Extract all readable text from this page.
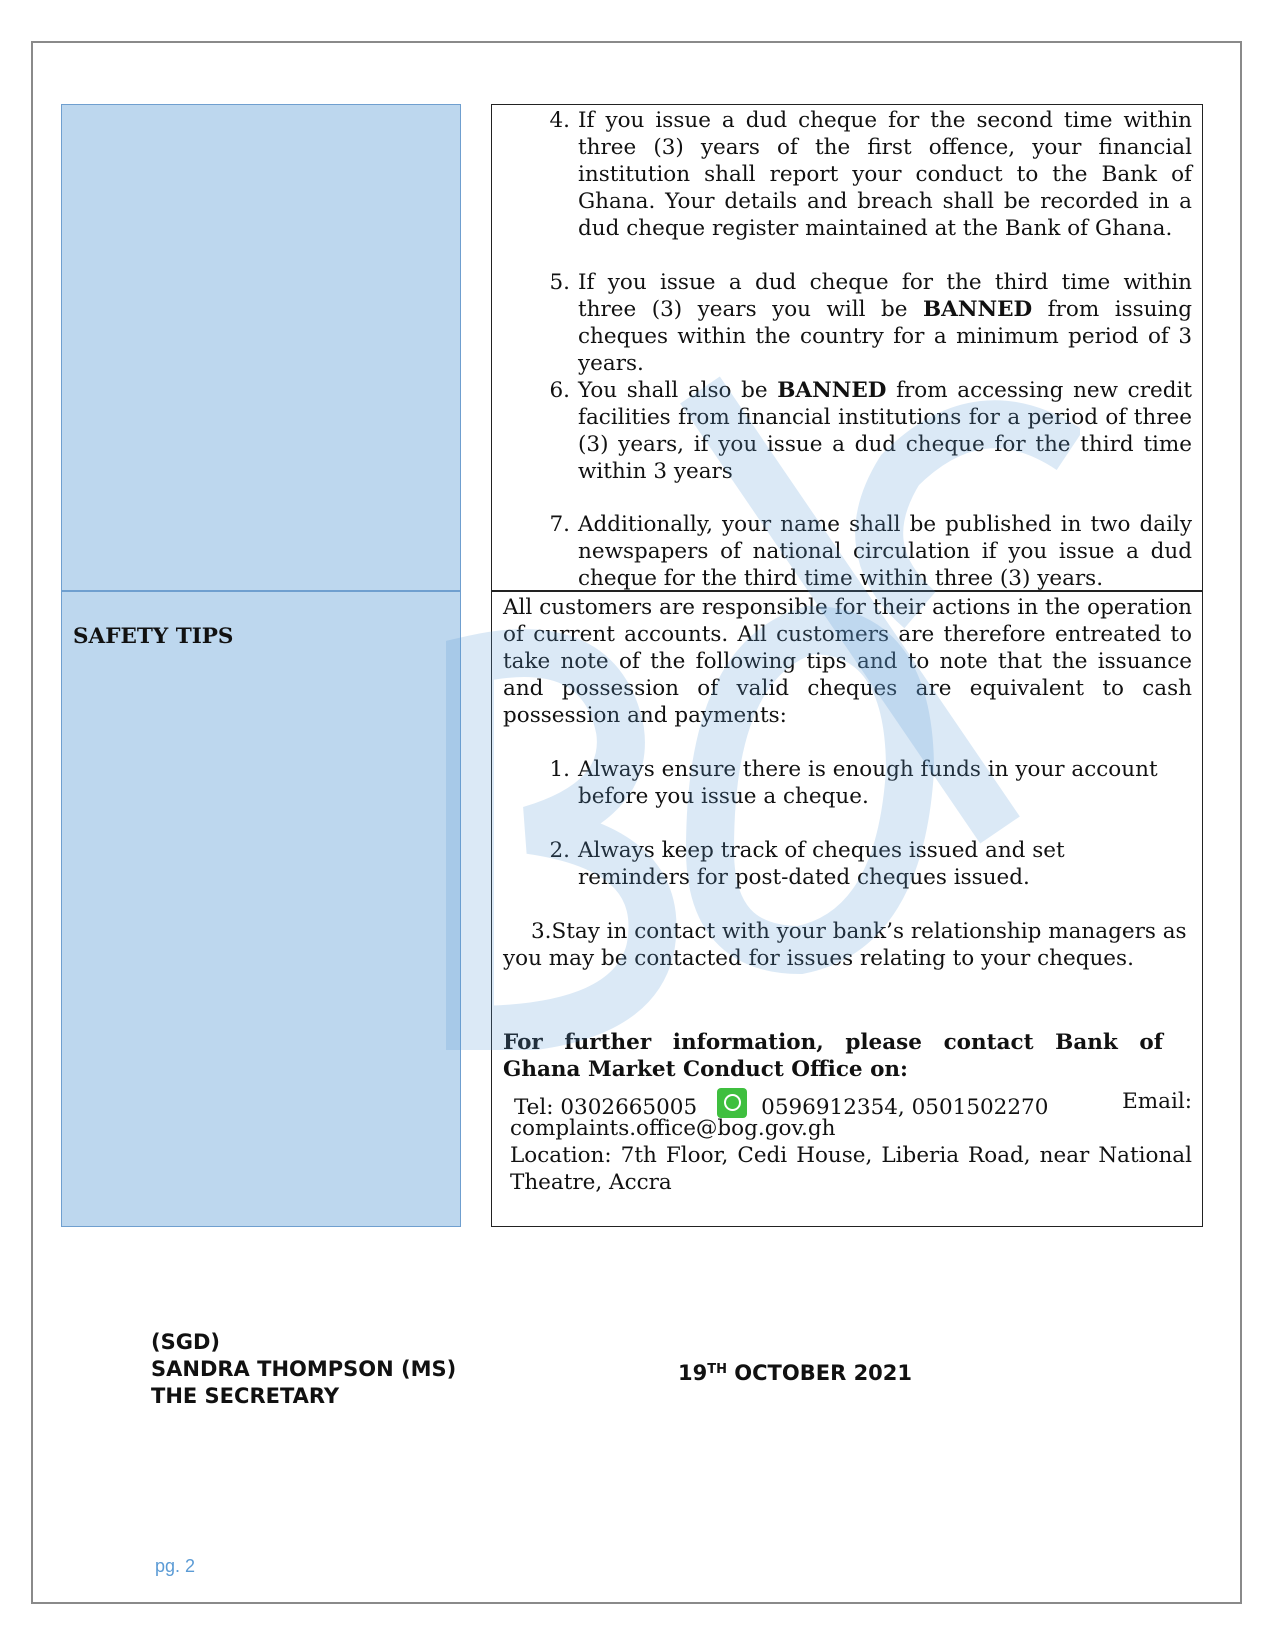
SAFETY TIPS
4. If you issue a dud cheque for the second time within three (3) years of the first offence, your financial institution shall report your conduct to the Bank of Ghana. Your details and breach shall be recorded in a dud cheque register maintained at the Bank of Ghana.
5. If you issue a dud cheque for the third time within three (3) years you will be BANNED from issuing cheques within the country for a minimum period of 3 years.
6. You shall also be BANNED from accessing new credit facilities from financial institutions for a period of three (3) years, if you issue a dud cheque for the third time within 3 years
7. Additionally, your name shall be published in two daily newspapers of national circulation if you issue a dud cheque for the third time within three (3) years.
All customers are responsible for their actions in the operation of current accounts. All customers are therefore entreated to take note of the following tips and to note that the issuance and possession of valid cheques are equivalent to cash possession and payments:
1. Always ensure there is enough funds in your account before you issue a cheque.
2. Always keep track of cheques issued and set reminders for post-dated cheques issued.
3.Stay in contact with your bank’s relationship managers as you may be contacted for issues relating to your cheques.
For further information, please contact Bank of Ghana Market Conduct Office on:
Tel: 0302665005	0596912354, 0501502270	Email:
complaints.office@bog.gov.gh
Location: 7th Floor, Cedi House, Liberia Road, near National Theatre, Accra
(SGD)
SANDRA THOMPSON (MS)
THE SECRETARY
19TH OCTOBER 2021
pg. 2
